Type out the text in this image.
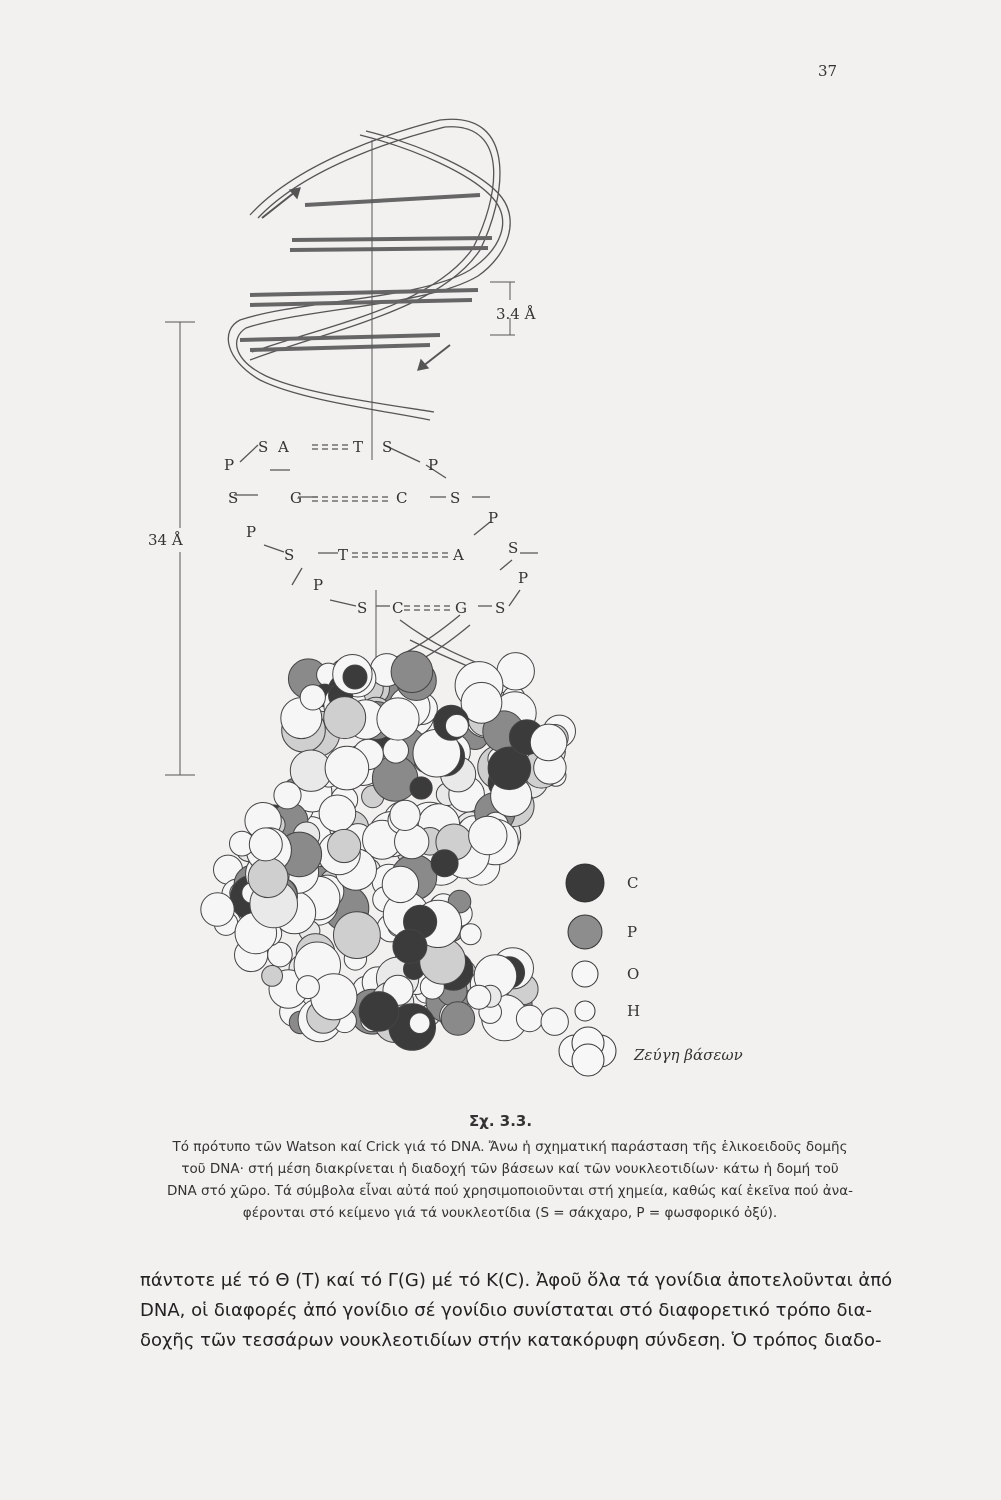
37
3.4 Å
34 Å
S A	T S
S	G	C	S
S	T	A	S
S C	G S
P	P
P
P
P	P
C
P
O
H
Ζεύγη βάσεων
Σχ. 3.3.
Τό πρότυπο τῶν Watson καί Crick γιά τό DNA. Ἄνω ἡ σχηματική παράσταση τῆς ἑλικοειδοῦς δομῆς
τοῦ DNA· στή μέση διακρίνεται ἡ διαδοχή τῶν βάσεων καί τῶν νουκλεοτιδίων· κάτω ἡ δομή τοῦ
DNA στό χῶρο. Τά σύμβολα εἶναι αὐτά πού χρησιμοποιοῦνται στή χημεία, καθώς καί ἐκεῖνα πού ἀνα-
φέρονται στό κείμενο γιά τά νουκλεοτίδια (S = σάκχαρο, P = φωσφορικό ὀξύ).
πάντοτε μέ τό Θ (T) καί τό Γ(G) μέ τό Κ(C). Ἀφοῦ ὅλα τά γονίδια ἀποτελοῦνται ἀπό
DNA, οἱ διαφορές ἀπό γονίδιο σέ γονίδιο συνίσταται στό διαφορετικό τρόπο δια-
δοχῆς τῶν τεσσάρων νουκλεοτιδίων στήν κατακόρυφη σύνδεση. Ὁ τρόπος διαδο-
